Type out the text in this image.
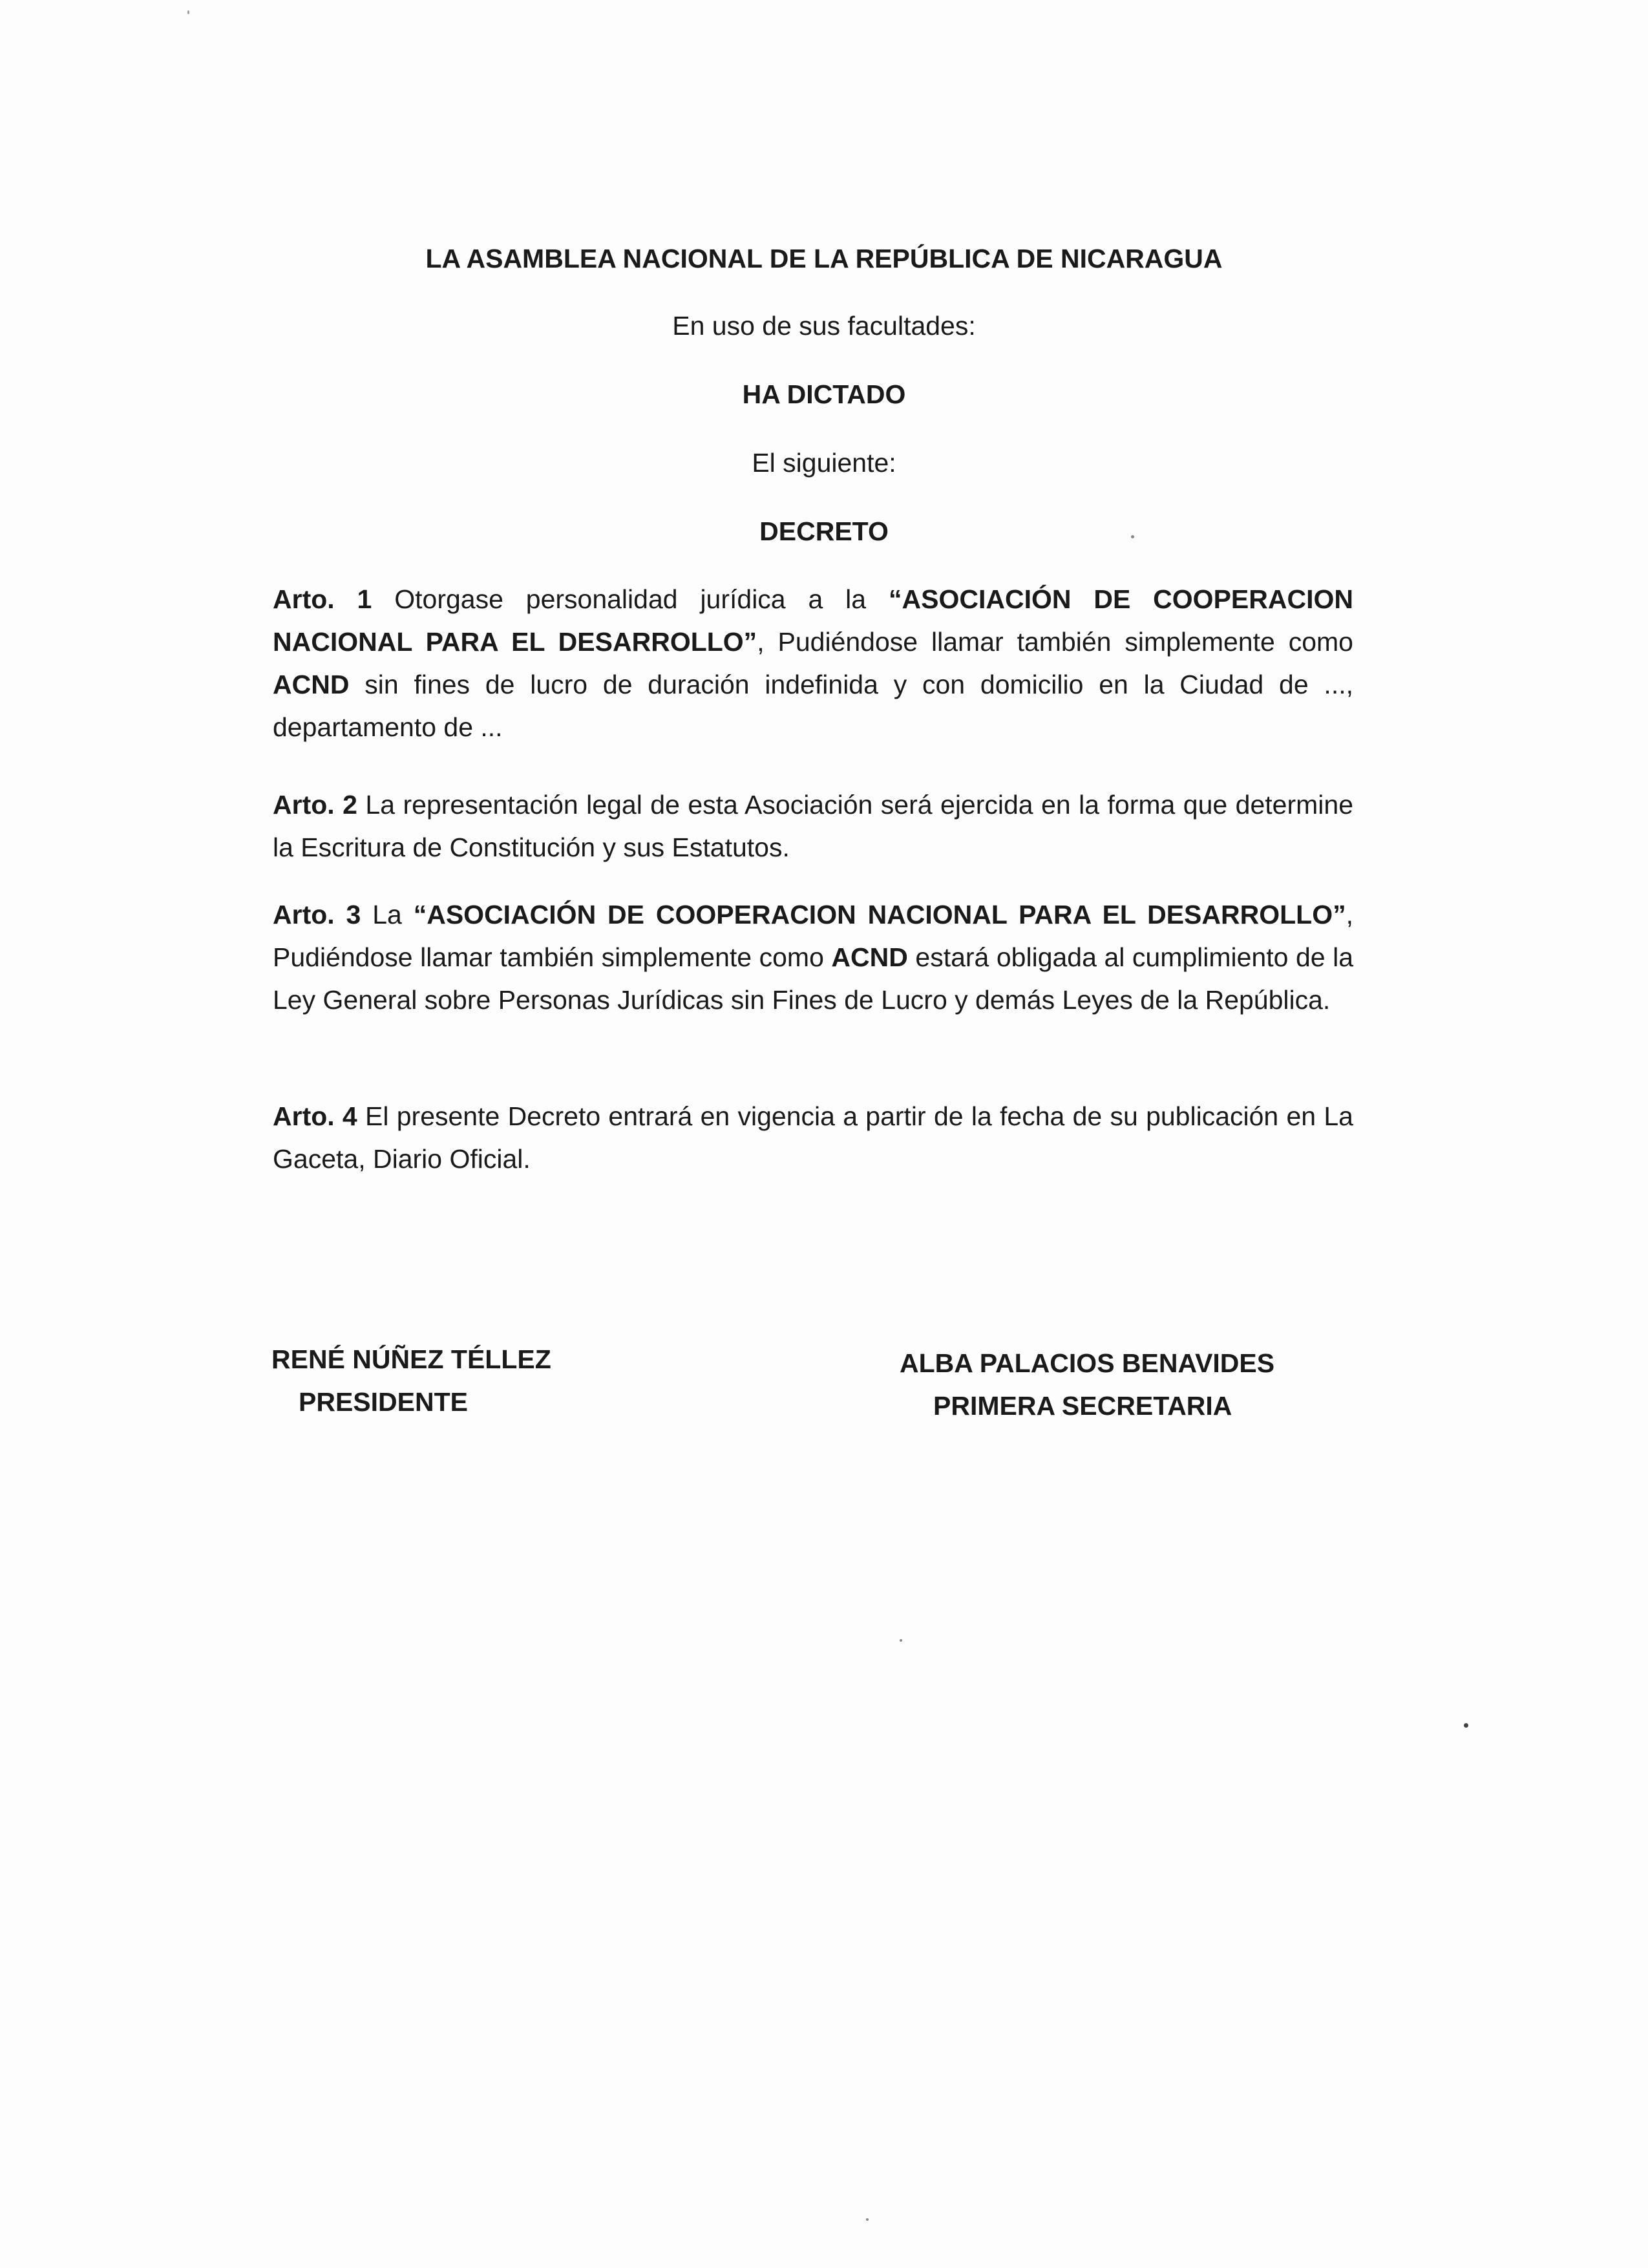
LA ASAMBLEA NACIONAL DE LA REPÚBLICA DE NICARAGUA
En uso de sus facultades:
HA DICTADO
El siguiente:
DECRETO
Arto. 1 Otorgase personalidad jurídica a la “ASOCIACIÓN DE COOPERACION NACIONAL PARA EL DESARROLLO”, Pudiéndose llamar también simplemente como ACND sin fines de lucro de duración indefinida y con domicilio en la Ciudad de ..., departamento de ...
Arto. 2 La representación legal de esta Asociación será ejercida en la forma que determine la Escritura de Constitución y sus Estatutos.
Arto. 3 La “ASOCIACIÓN DE COOPERACION NACIONAL PARA EL DESARROLLO”, Pudiéndose llamar también simplemente como ACND estará obligada al cumplimiento de la Ley General sobre Personas Jurídicas sin Fines de Lucro y demás Leyes de la República.
Arto. 4 El presente Decreto entrará en vigencia a partir de la fecha de su publicación en La Gaceta, Diario Oficial.
RENÉ NÚÑEZ TÉLLEZ
PRESIDENTE
ALBA PALACIOS BENAVIDES
PRIMERA SECRETARIA
